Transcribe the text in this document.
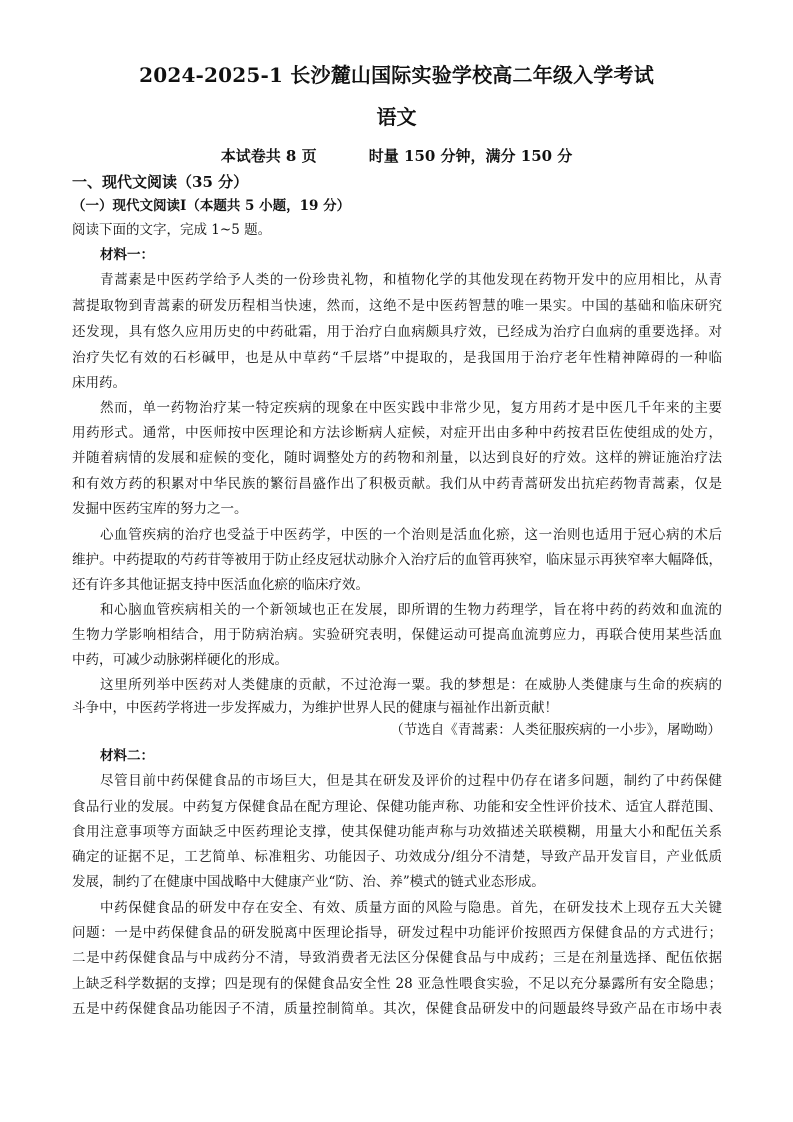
2024-2025-1 长沙麓山国际实验学校高二年级入学考试
语文
本试卷共 8 页          时量 150 分钟，满分 150 分
一、现代文阅读（35 分）
（一）现代文阅读Ⅰ（本题共 5 小题，19 分）
阅读下面的文字，完成 1~5 题。
材料一：
青蒿素是中医药学给予人类的一份珍贵礼物，和植物化学的其他发现在药物开发中的应用相比，从青
蒿提取物到青蒿素的研发历程相当快速，然而，这绝不是中医药智慧的唯一果实。中国的基础和临床研究
还发现，具有悠久应用历史的中药砒霜，用于治疗白血病颇具疗效，已经成为治疗白血病的重要选择。对
治疗失忆有效的石杉碱甲，也是从中草药“千层塔”中提取的，是我国用于治疗老年性精神障碍的一种临
床用药。
然而，单一药物治疗某一特定疾病的现象在中医实践中非常少见，复方用药才是中医几千年来的主要
用药形式。通常，中医师按中医理论和方法诊断病人症候，对症开出由多种中药按君臣佐使组成的处方，
并随着病情的发展和症候的变化，随时调整处方的药物和剂量，以达到良好的疗效。这样的辨证施治疗法
和有效方药的积累对中华民族的繁衍昌盛作出了积极贡献。我们从中药青蒿研发出抗疟药物青蒿素，仅是
发掘中医药宝库的努力之一。
心血管疾病的治疗也受益于中医药学，中医的一个治则是活血化瘀，这一治则也适用于冠心病的术后
维护。中药提取的芍药苷等被用于防止经皮冠状动脉介入治疗后的血管再狭窄，临床显示再狭窄率大幅降低，
还有许多其他证据支持中医活血化瘀的临床疗效。
和心脑血管疾病相关的一个新领域也正在发展，即所谓的生物力药理学，旨在将中药的药效和血流的
生物力学影响相结合，用于防病治病。实验研究表明，保健运动可提高血流剪应力，再联合使用某些活血
中药，可减少动脉粥样硬化的形成。
这里所列举中医药对人类健康的贡献，不过沧海一粟。我的梦想是：在威胁人类健康与生命的疾病的
斗争中，中医药学将进一步发挥威力，为维护世界人民的健康与福祉作出新贡献！
（节选自《青蒿素：人类征服疾病的一小步》，屠呦呦）
材料二：
尽管目前中药保健食品的市场巨大，但是其在研发及评价的过程中仍存在诸多问题，制约了中药保健
食品行业的发展。中药复方保健食品在配方理论、保健功能声称、功能和安全性评价技术、适宜人群范围、
食用注意事项等方面缺乏中医药理论支撑，使其保健功能声称与功效描述关联模糊，用量大小和配伍关系
确定的证据不足，工艺简单、标准粗劣、功能因子、功效成分/组分不清楚，导致产品开发盲目，产业低质
发展，制约了在健康中国战略中大健康产业“防、治、养”模式的链式业态形成。
中药保健食品的研发中存在安全、有效、质量方面的风险与隐患。首先，在研发技术上现存五大关键
问题：一是中药保健食品的研发脱离中医理论指导，研发过程中功能评价按照西方保健食品的方式进行；
二是中药保健食品与中成药分不清，导致消费者无法区分保健食品与中成药；三是在剂量选择、配伍依据
上缺乏科学数据的支撑；四是现有的保健食品安全性 28 亚急性喂食实验，不足以充分暴露所有安全隐患；
五是中药保健食品功能因子不清，质量控制简单。其次，保健食品研发中的问题最终导致产品在市场中表
